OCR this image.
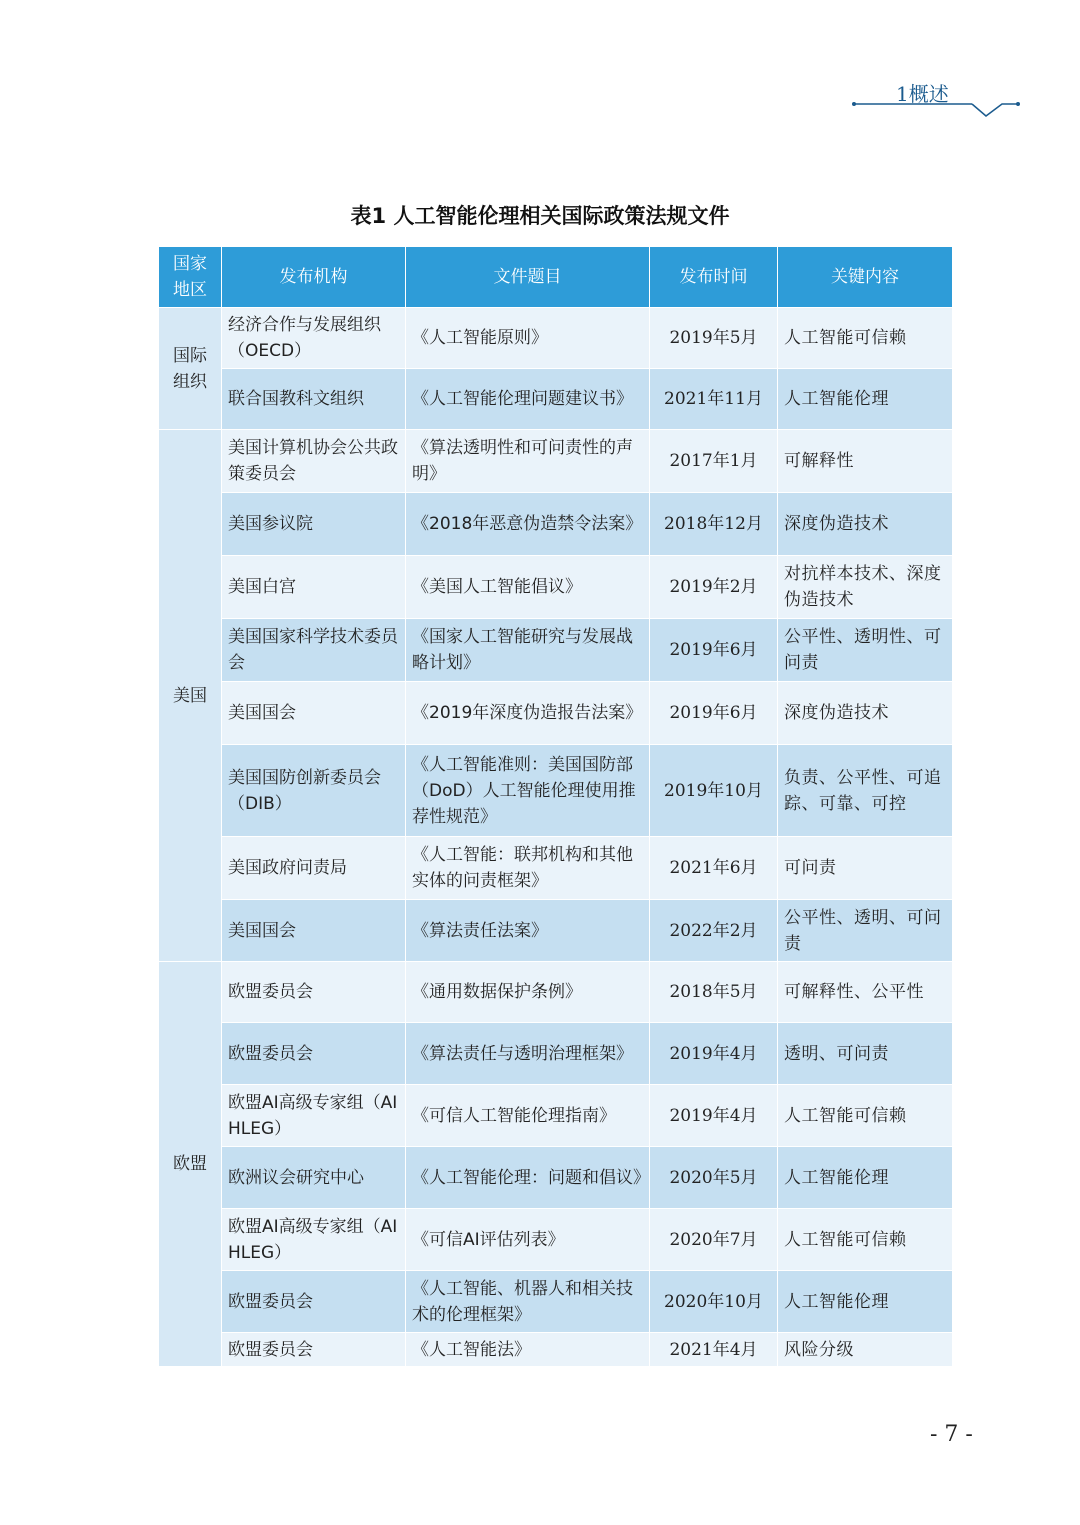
1概述
表1 人工智能伦理相关国际政策法规文件
国家
地区	发布机构	文件题目	发布时间	关键内容
国际组织	经济合作与发展组织（OECD）	《人工智能原则》	2019年5月	人工智能可信赖
	联合国教科文组织	《人工智能伦理问题建议书》	2021年11月	人工智能伦理
美国	美国计算机协会公共政策委员会	《算法透明性和可问责性的声明》	2017年1月	可解释性
	美国参议院	《2018年恶意伪造禁令法案》	2018年12月	深度伪造技术
	美国白宫	《美国人工智能倡议》	2019年2月	对抗样本技术、深度伪造技术
	美国国家科学技术委员会	《国家人工智能研究与发展战略计划》	2019年6月	公平性、透明性、可问责
	美国国会	《2019年深度伪造报告法案》	2019年6月	深度伪造技术
	美国国防创新委员会（DIB）	《人工智能准则：美国国防部（DoD）人工智能伦理使用推荐性规范》	2019年10月	负责、公平性、可追踪、可靠、可控
	美国政府问责局	《人工智能：联邦机构和其他实体的问责框架》	2021年6月	可问责
	美国国会	《算法责任法案》	2022年2月	公平性、透明、可问责
欧盟	欧盟委员会	《通用数据保护条例》	2018年5月	可解释性、公平性
	欧盟委员会	《算法责任与透明治理框架》	2019年4月	透明、可问责
	欧盟AI高级专家组（AI HLEG）	《可信人工智能伦理指南》	2019年4月	人工智能可信赖
	欧洲议会研究中心	《人工智能伦理：问题和倡议》	2020年5月	人工智能伦理
	欧盟AI高级专家组（AI HLEG）	《可信AI评估列表》	2020年7月	人工智能可信赖
	欧盟委员会	《人工智能、机器人和相关技术的伦理框架》	2020年10月	人工智能伦理
	欧盟委员会	《人工智能法》	2021年4月	风险分级
- 7 -
